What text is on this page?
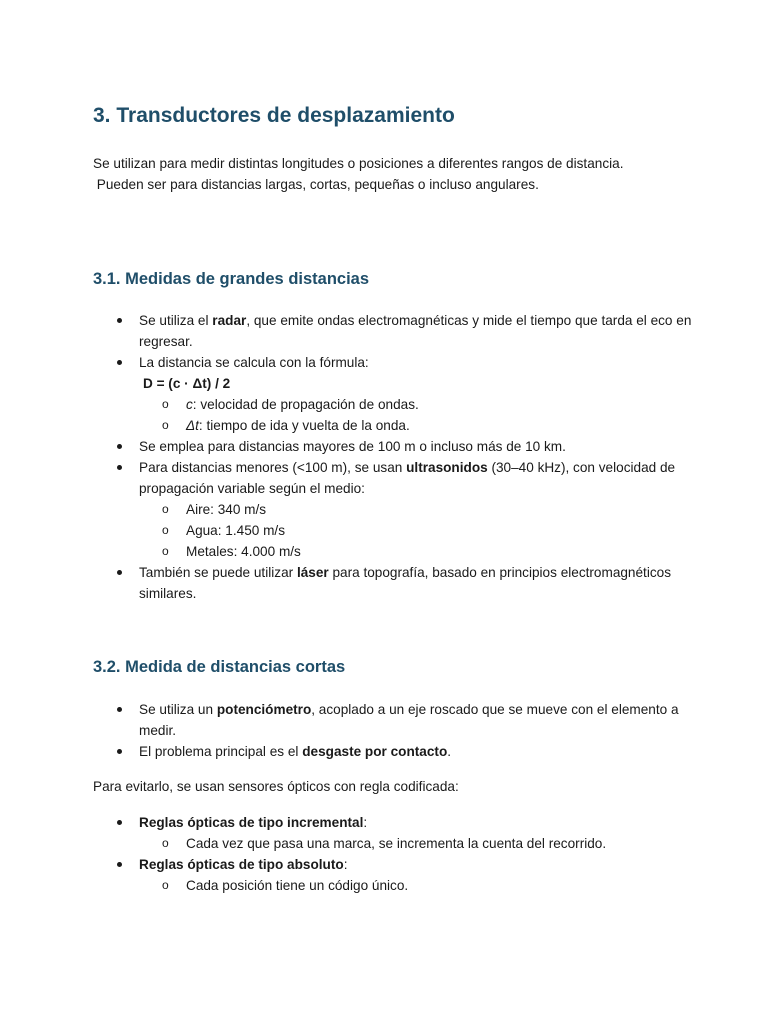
3. Transductores de desplazamiento

Se utilizan para medir distintas longitudes o posiciones a diferentes rangos de distancia.
Pueden ser para distancias largas, cortas, pequeñas o incluso angulares.

3.1. Medidas de grandes distancias
Se utiliza el radar, que emite ondas electromagnéticas y mide el tiempo que tarda el eco en regresar.
La distancia se calcula con la fórmula:
D = (c · Δt) / 2
o c: velocidad de propagación de ondas.
o Δt: tiempo de ida y vuelta de la onda.
Se emplea para distancias mayores de 100 m o incluso más de 10 km.
Para distancias menores (<100 m), se usan ultrasonidos (30–40 kHz), con velocidad de propagación variable según el medio:
o Aire: 340 m/s
o Agua: 1.450 m/s
o Metales: 4.000 m/s
También se puede utilizar láser para topografía, basado en principios electromagnéticos similares.
3.2. Medida de distancias cortas
Se utiliza un potenciómetro, acoplado a un eje roscado que se mueve con el elemento a medir.
El problema principal es el desgaste por contacto.

Para evitarlo, se usan sensores ópticos con regla codificada:

Reglas ópticas de tipo incremental:
o Cada vez que pasa una marca, se incrementa la cuenta del recorrido.
Reglas ópticas de tipo absoluto:
o Cada posición tiene un código único.
